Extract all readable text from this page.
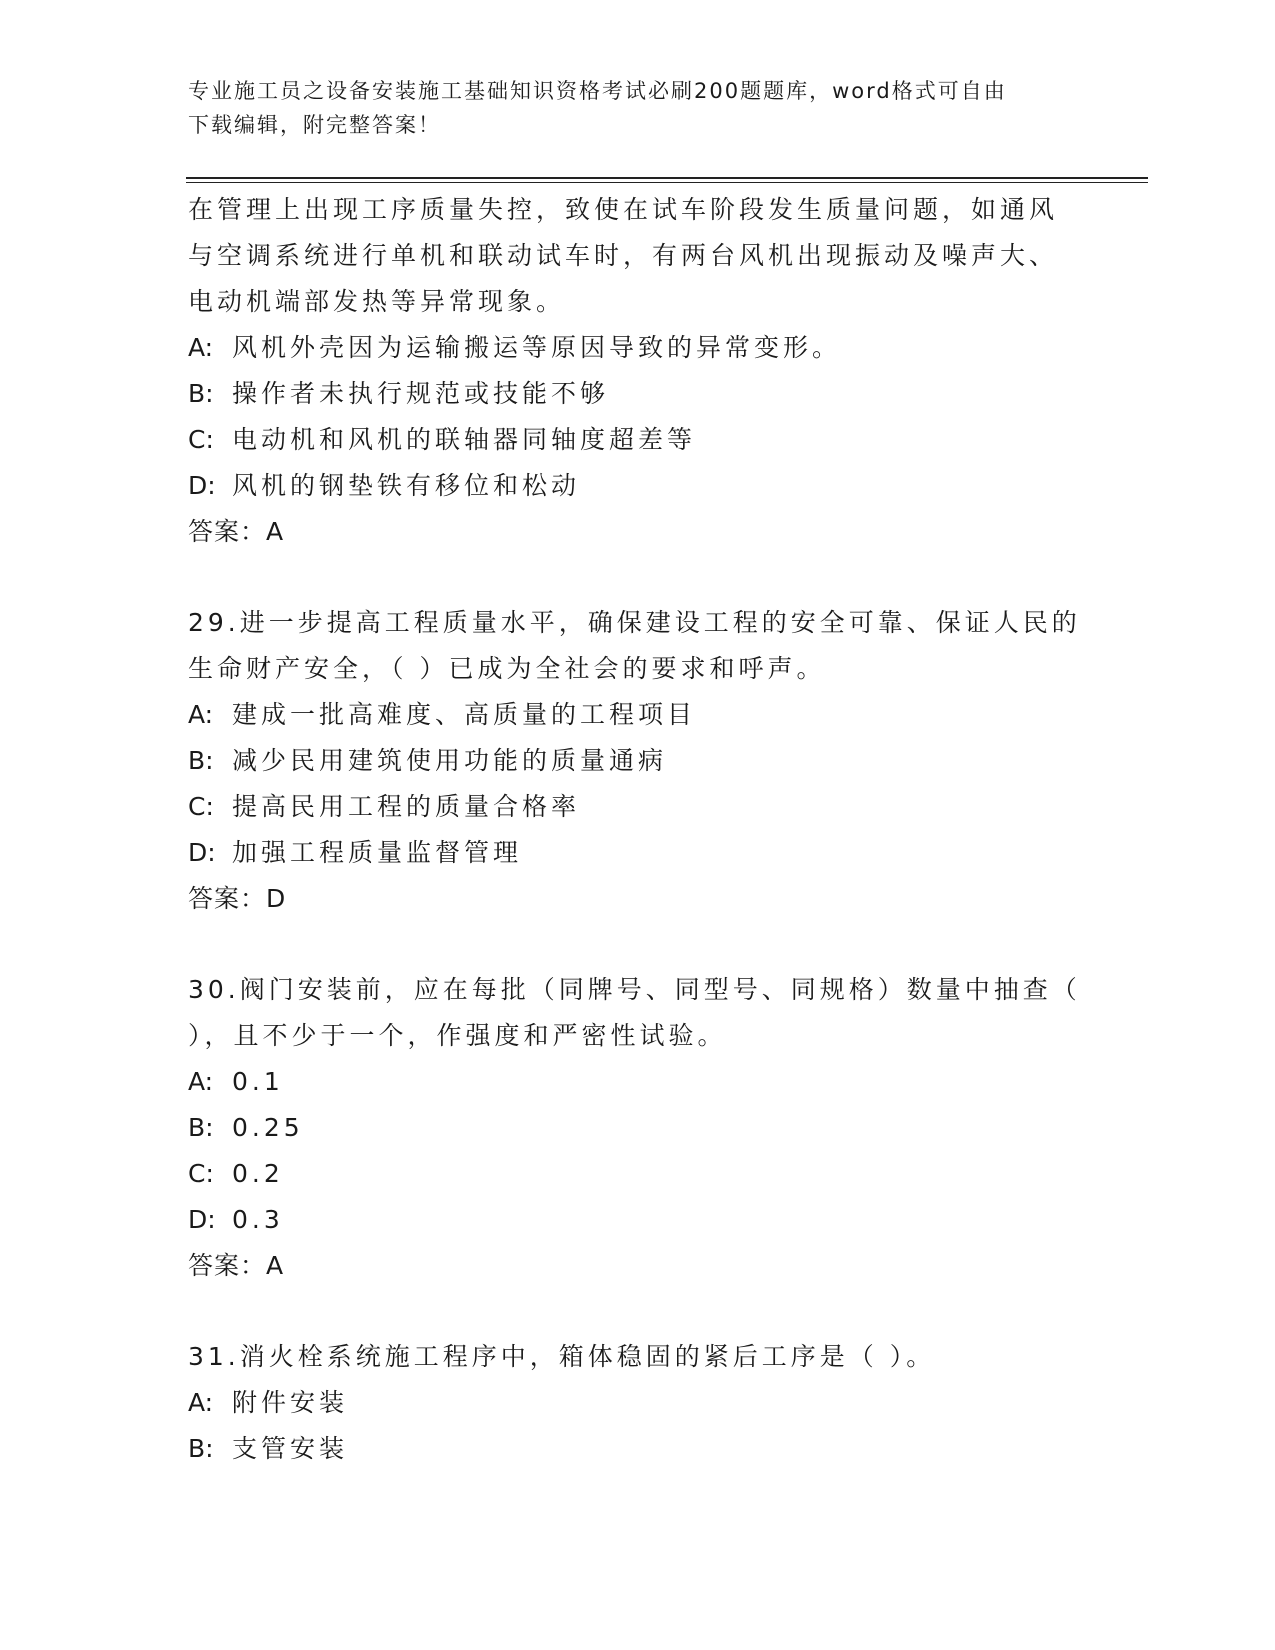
专业施工员之设备安装施工基础知识资格考试必刷200题题库，word格式可自由
下载编辑，附完整答案！
在管理上出现工序质量失控，致使在试车阶段发生质量问题，如通风
与空调系统进行单机和联动试车时，有两台风机出现振动及噪声大、
电动机端部发热等异常现象。
A: 风机外壳因为运输搬运等原因导致的异常变形。
B: 操作者未执行规范或技能不够
C: 电动机和风机的联轴器同轴度超差等
D: 风机的钢垫铁有移位和松动
答案：A
29.进一步提高工程质量水平，确保建设工程的安全可靠、保证人民的
生命财产安全，（ ）已成为全社会的要求和呼声。
A: 建成一批高难度、高质量的工程项目
B: 减少民用建筑使用功能的质量通病
C: 提高民用工程的质量合格率
D: 加强工程质量监督管理
答案：D
30.阀门安装前，应在每批（同牌号、同型号、同规格）数量中抽查（
），且不少于一个，作强度和严密性试验。
A: 0.1
B: 0.25
C: 0.2
D: 0.3
答案：A
31.消火栓系统施工程序中，箱体稳固的紧后工序是（ ）。
A: 附件安装
B: 支管安装
